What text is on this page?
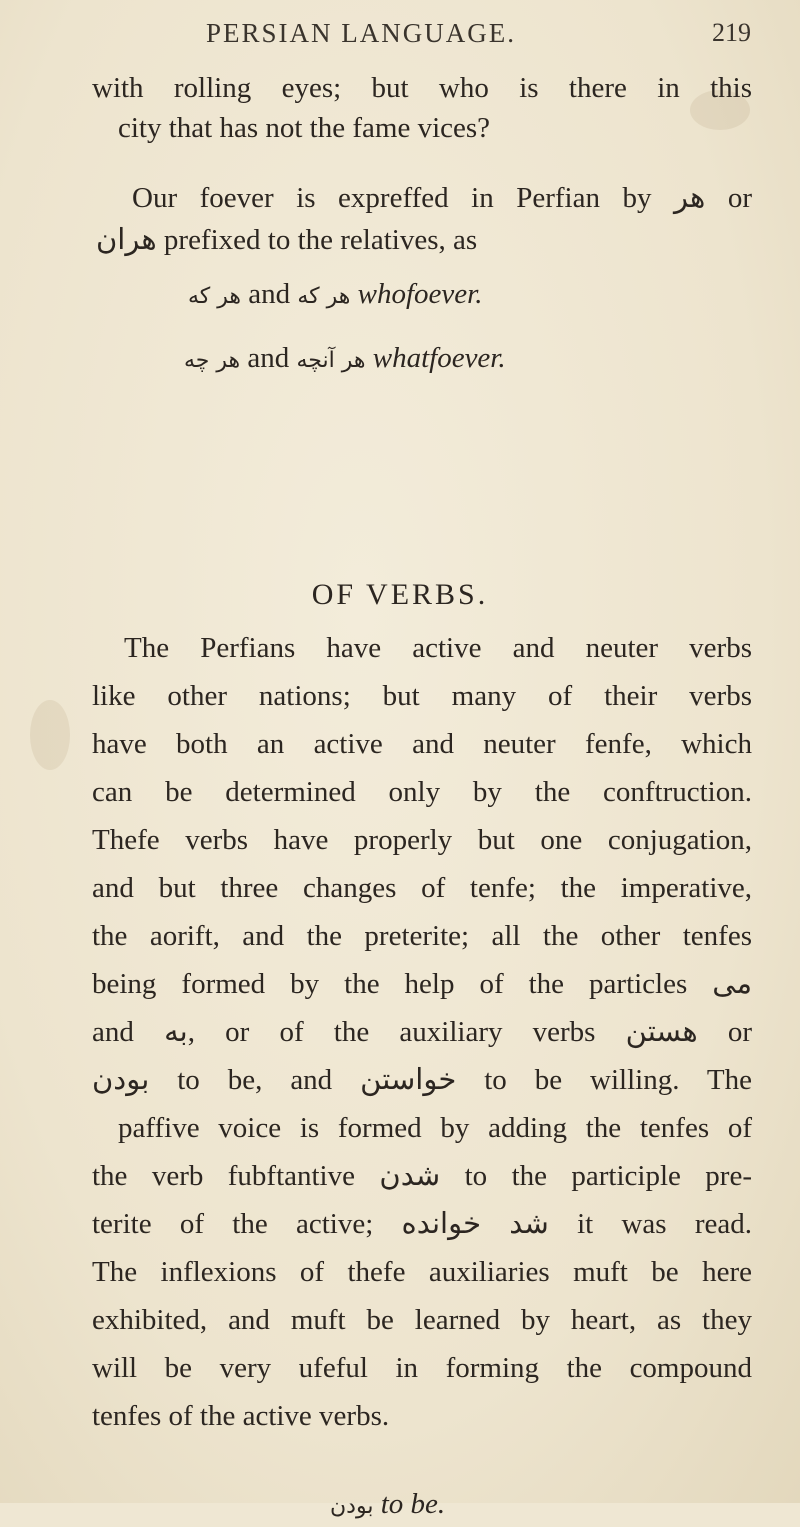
PERSIAN LANGUAGE.	219
with rolling eyes; but who is there in this
city that has not the fame vices?
Our foever is expreffed in Perfian by هر or
هران prefixed to the relatives, as
هر که and هر که whofoever.
هر چه and هر آنچه whatfoever.
OF VERBS.
The Perfians have active and neuter verbs
like other nations; but many of their verbs
have both an active and neuter fenfe, which
can be determined only by the conftruction.
Thefe verbs have properly but one conjugation,
and but three changes of tenfe; the imperative,
the aorift, and the preterite; all the other tenfes
being formed by the help of the particles می
and به, or of the auxiliary verbs هستن or
بودن to be, and خواستن to be willing. The
paffive voice is formed by adding the tenfes of
the verb fubftantive شدن to the participle pre-
terite of the active; شد خوانده it was read.
The inflexions of thefe auxiliaries muft be here
exhibited, and muft be learned by heart, as they
will be very ufeful in forming the compound
tenfes of the active verbs.
بودن to be.
